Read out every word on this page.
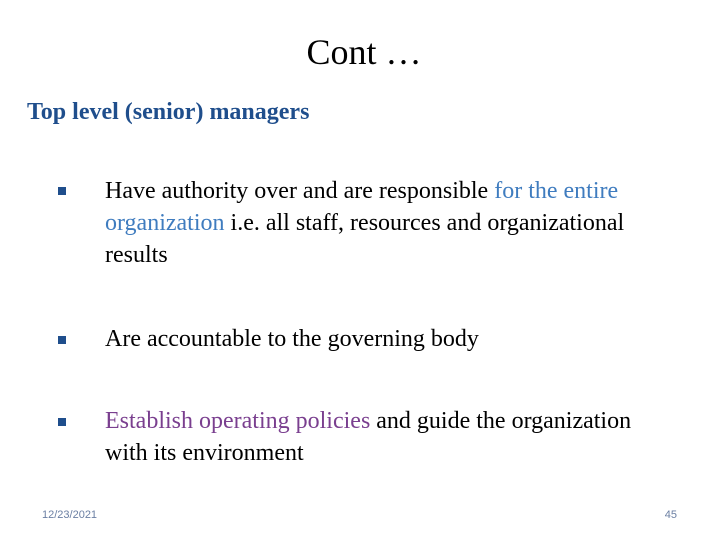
Cont …
Top level (senior) managers
Have authority over and are responsible for the entire organization i.e. all staff, resources and organizational results
Are accountable to the governing body
Establish operating policies and guide the organization with its environment
12/23/2021	45
